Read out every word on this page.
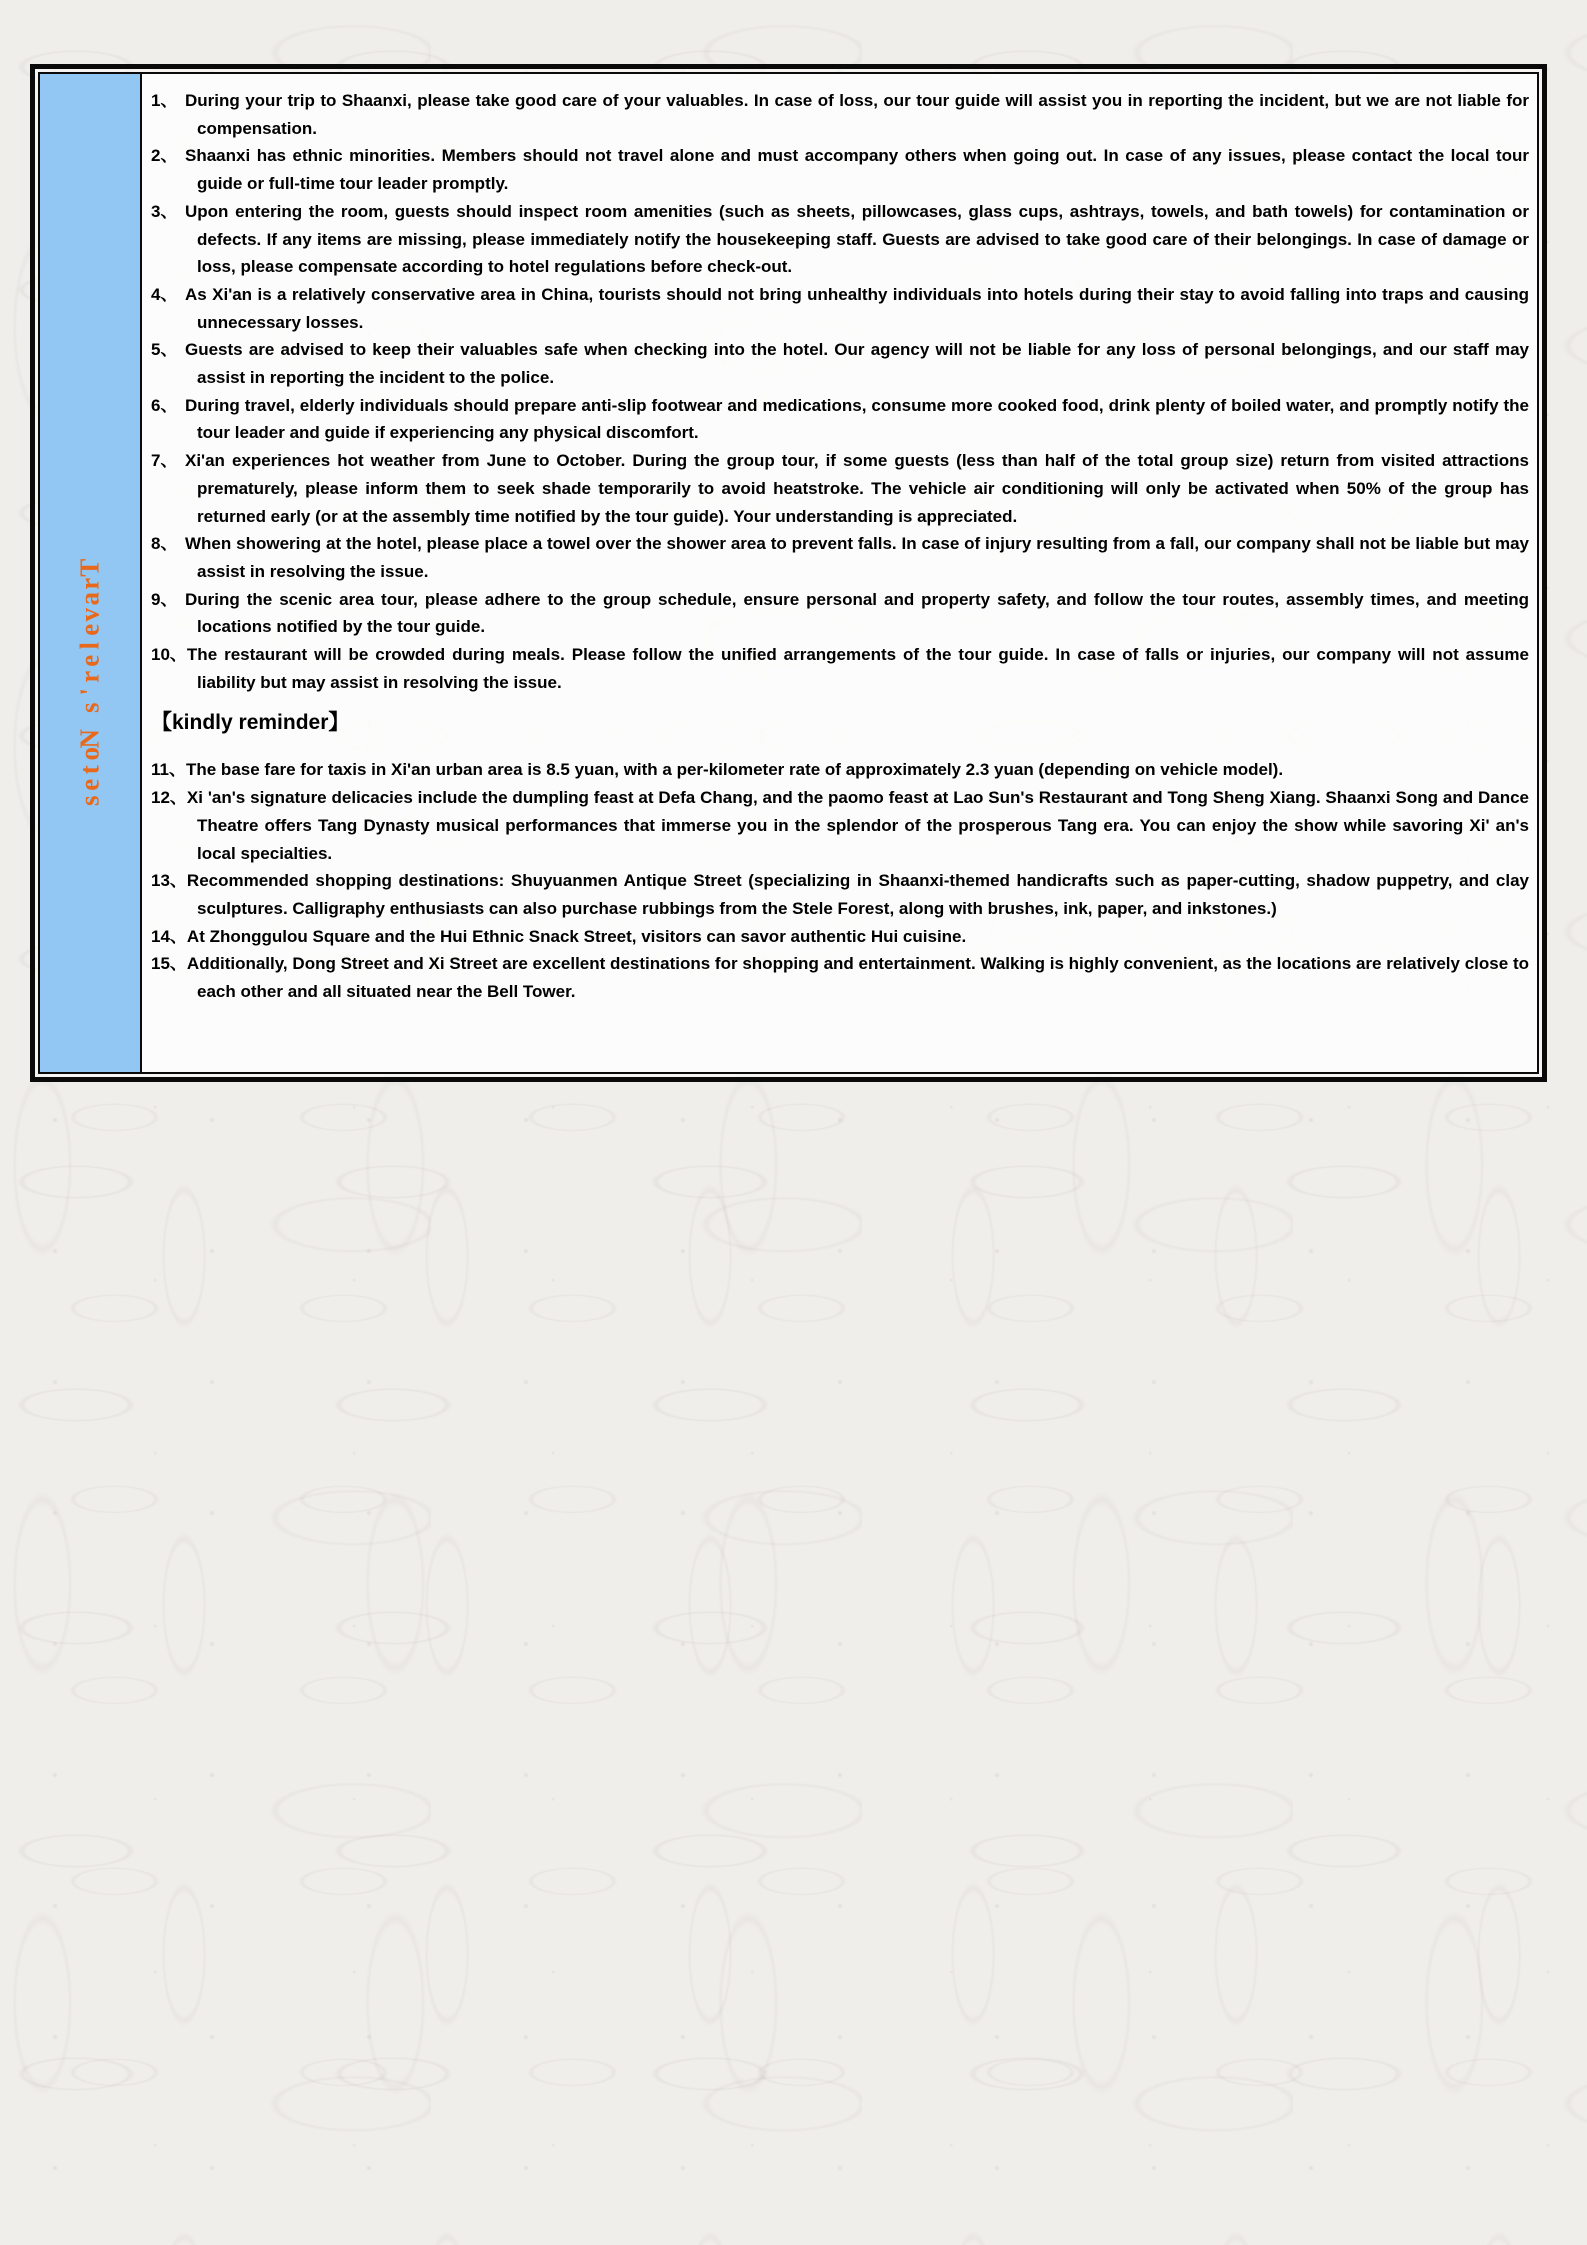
T
r
a
v
e
l
e
r
'
s
N
o
t
e
s
1、 During your trip to Shaanxi, please take good care of your valuables. In case of loss, our tour guide will assist you in reporting the incident, but we are not liable for compensation.
2、 Shaanxi has ethnic minorities. Members should not travel alone and must accompany others when going out. In case of any issues, please contact the local tour guide or full-time tour leader promptly.
3、 Upon entering the room, guests should inspect room amenities (such as sheets, pillowcases, glass cups, ashtrays, towels, and bath towels) for contamination or defects. If any items are missing, please immediately notify the housekeeping staff. Guests are advised to take good care of their belongings. In case of damage or loss, please compensate according to hotel regulations before check-out.
4、 As Xi'an is a relatively conservative area in China, tourists should not bring unhealthy individuals into hotels during their stay to avoid falling into traps and causing unnecessary losses.
5、 Guests are advised to keep their valuables safe when checking into the hotel. Our agency will not be liable for any loss of personal belongings, and our staff may assist in reporting the incident to the police.
6、 During travel, elderly individuals should prepare anti-slip footwear and medications, consume more cooked food, drink plenty of boiled water, and promptly notify the tour leader and guide if experiencing any physical discomfort.
7、 Xi'an experiences hot weather from June to October. During the group tour, if some guests (less than half of the total group size) return from visited attractions prematurely, please inform them to seek shade temporarily to avoid heatstroke. The vehicle air conditioning will only be activated when 50% of the group has returned early (or at the assembly time notified by the tour guide). Your understanding is appreciated.
8、 When showering at the hotel, please place a towel over the shower area to prevent falls. In case of injury resulting from a fall, our company shall not be liable but may assist in resolving the issue.
9、 During the scenic area tour, please adhere to the group schedule, ensure personal and property safety, and follow the tour routes, assembly times, and meeting locations notified by the tour guide.
10、The restaurant will be crowded during meals. Please follow the unified arrangements of the tour guide. In case of falls or injuries, our company will not assume liability but may assist in resolving the issue.
【kindly reminder】
11、The base fare for taxis in Xi'an urban area is 8.5 yuan, with a per-kilometer rate of approximately 2.3 yuan (depending on vehicle model).
12、Xi 'an's signature delicacies include the dumpling feast at Defa Chang, and the paomo feast at Lao Sun's Restaurant and Tong Sheng Xiang. Shaanxi Song and Dance Theatre offers Tang Dynasty musical performances that immerse you in the splendor of the prosperous Tang era. You can enjoy the show while savoring Xi' an's local specialties.
13、Recommended shopping destinations: Shuyuanmen Antique Street (specializing in Shaanxi-themed handicrafts such as paper-cutting, shadow puppetry, and clay sculptures. Calligraphy enthusiasts can also purchase rubbings from the Stele Forest, along with brushes, ink, paper, and inkstones.)
14、At Zhonggulou Square and the Hui Ethnic Snack Street, visitors can savor authentic Hui cuisine.
15、Additionally, Dong Street and Xi Street are excellent destinations for shopping and entertainment. Walking is highly convenient, as the locations are relatively close to each other and all situated near the Bell Tower.
